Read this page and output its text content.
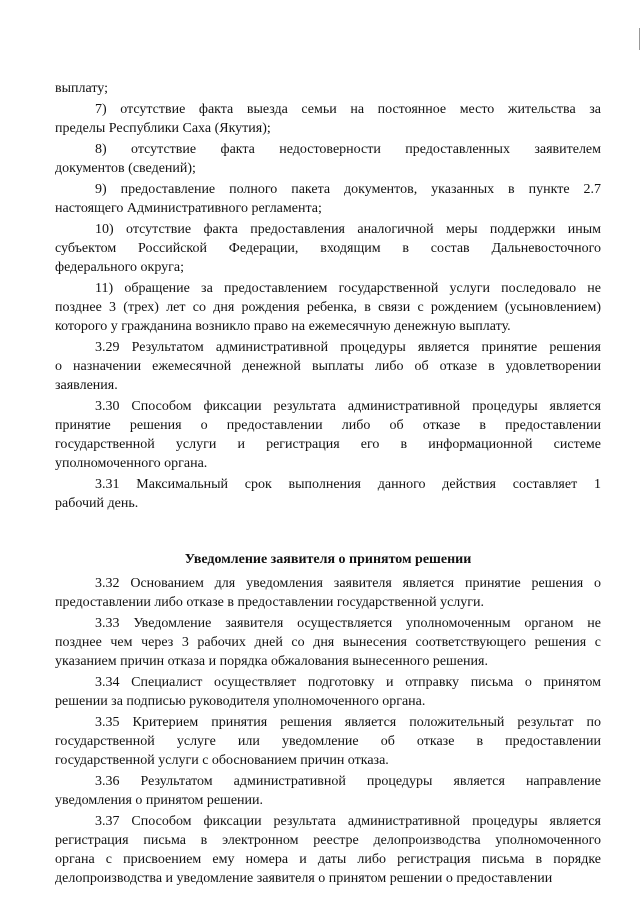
выплату;
7) отсутствие факта выезда семьи на постоянное место жительства за
пределы Республики Саха (Якутия);
8) отсутствие факта недостоверности предоставленных заявителем
документов (сведений);
9) предоставление полного пакета документов, указанных в пункте 2.7
настоящего Административного регламента;
10) отсутствие факта предоставления аналогичной меры поддержки иным
субъектом Российской Федерации, входящим в состав Дальневосточного
федерального округа;
11) обращение за предоставлением государственной услуги последовало не
позднее 3 (трех) лет со дня рождения ребенка, в связи с рождением (усыновлением)
которого у гражданина возникло право на ежемесячную денежную выплату.
3.29 Результатом административной процедуры является принятие решения
о назначении ежемесячной денежной выплаты либо об отказе в удовлетворении
заявления.
3.30 Способом фиксации результата административной процедуры является
принятие решения о предоставлении либо об отказе в предоставлении
государственной услуги и регистрация его в информационной системе
уполномоченного органа.
3.31 Максимальный срок выполнения данного действия составляет 1
рабочий день.
Уведомление заявителя о принятом решении
3.32 Основанием для уведомления заявителя является принятие решения о
предоставлении либо отказе в предоставлении государственной услуги.
3.33 Уведомление заявителя осуществляется уполномоченным органом не
позднее чем через 3 рабочих дней со дня вынесения соответствующего решения с
указанием причин отказа и порядка обжалования вынесенного решения.
3.34 Специалист осуществляет подготовку и отправку письма о принятом
решении за подписью руководителя уполномоченного органа.
3.35 Критерием принятия решения является положительный результат по
государственной услуге или уведомление об отказе в предоставлении
государственной услуги с обоснованием причин отказа.
3.36 Результатом административной процедуры является направление
уведомления о принятом решении.
3.37 Способом фиксации результата административной процедуры является
регистрация письма в электронном реестре делопроизводства уполномоченного
органа с присвоением ему номера и даты либо регистрация письма в порядке
делопроизводства и уведомление заявителя о принятом решении о предоставлении
